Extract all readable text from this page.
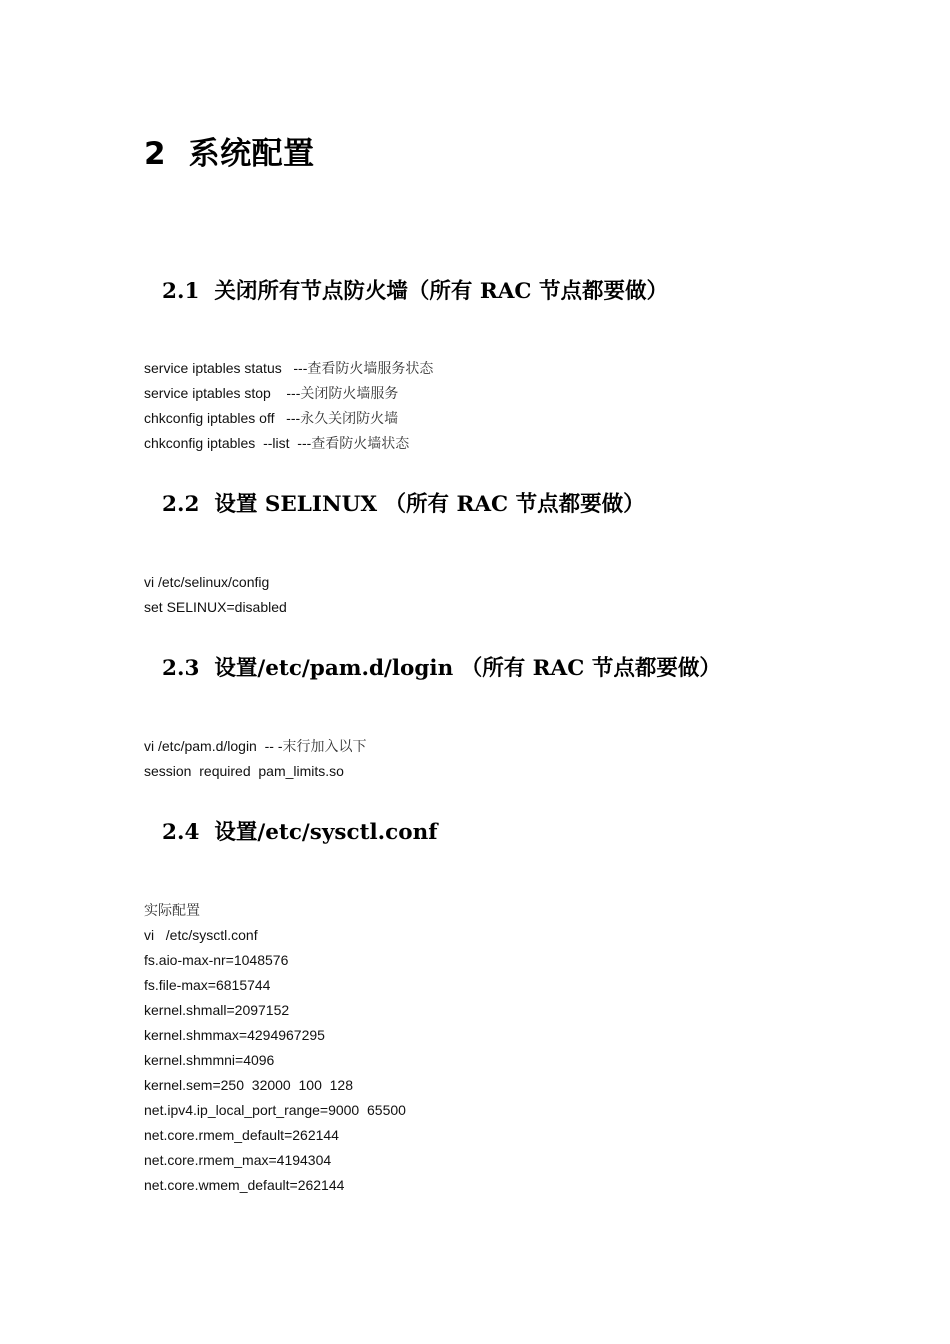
2  系统配置
2.1  关闭所有节点防火墙（所有 RAC 节点都要做）
service iptables status   ---查看防火墙服务状态
service iptables stop    ---关闭防火墙服务
chkconfig iptables off   ---永久关闭防火墙
chkconfig iptables  --list  ---查看防火墙状态
2.2  设置 SELINUX （所有 RAC 节点都要做）
vi /etc/selinux/config
set SELINUX=disabled
2.3  设置/etc/pam.d/login （所有 RAC 节点都要做）
vi /etc/pam.d/login  -- -末行加入以下
session  required  pam_limits.so
2.4  设置/etc/sysctl.conf
实际配置
vi   /etc/sysctl.conf
fs.aio-max-nr=1048576
fs.file-max=6815744
kernel.shmall=2097152
kernel.shmmax=4294967295
kernel.shmmni=4096
kernel.sem=250  32000  100  128
net.ipv4.ip_local_port_range=9000  65500
net.core.rmem_default=262144
net.core.rmem_max=4194304
net.core.wmem_default=262144
